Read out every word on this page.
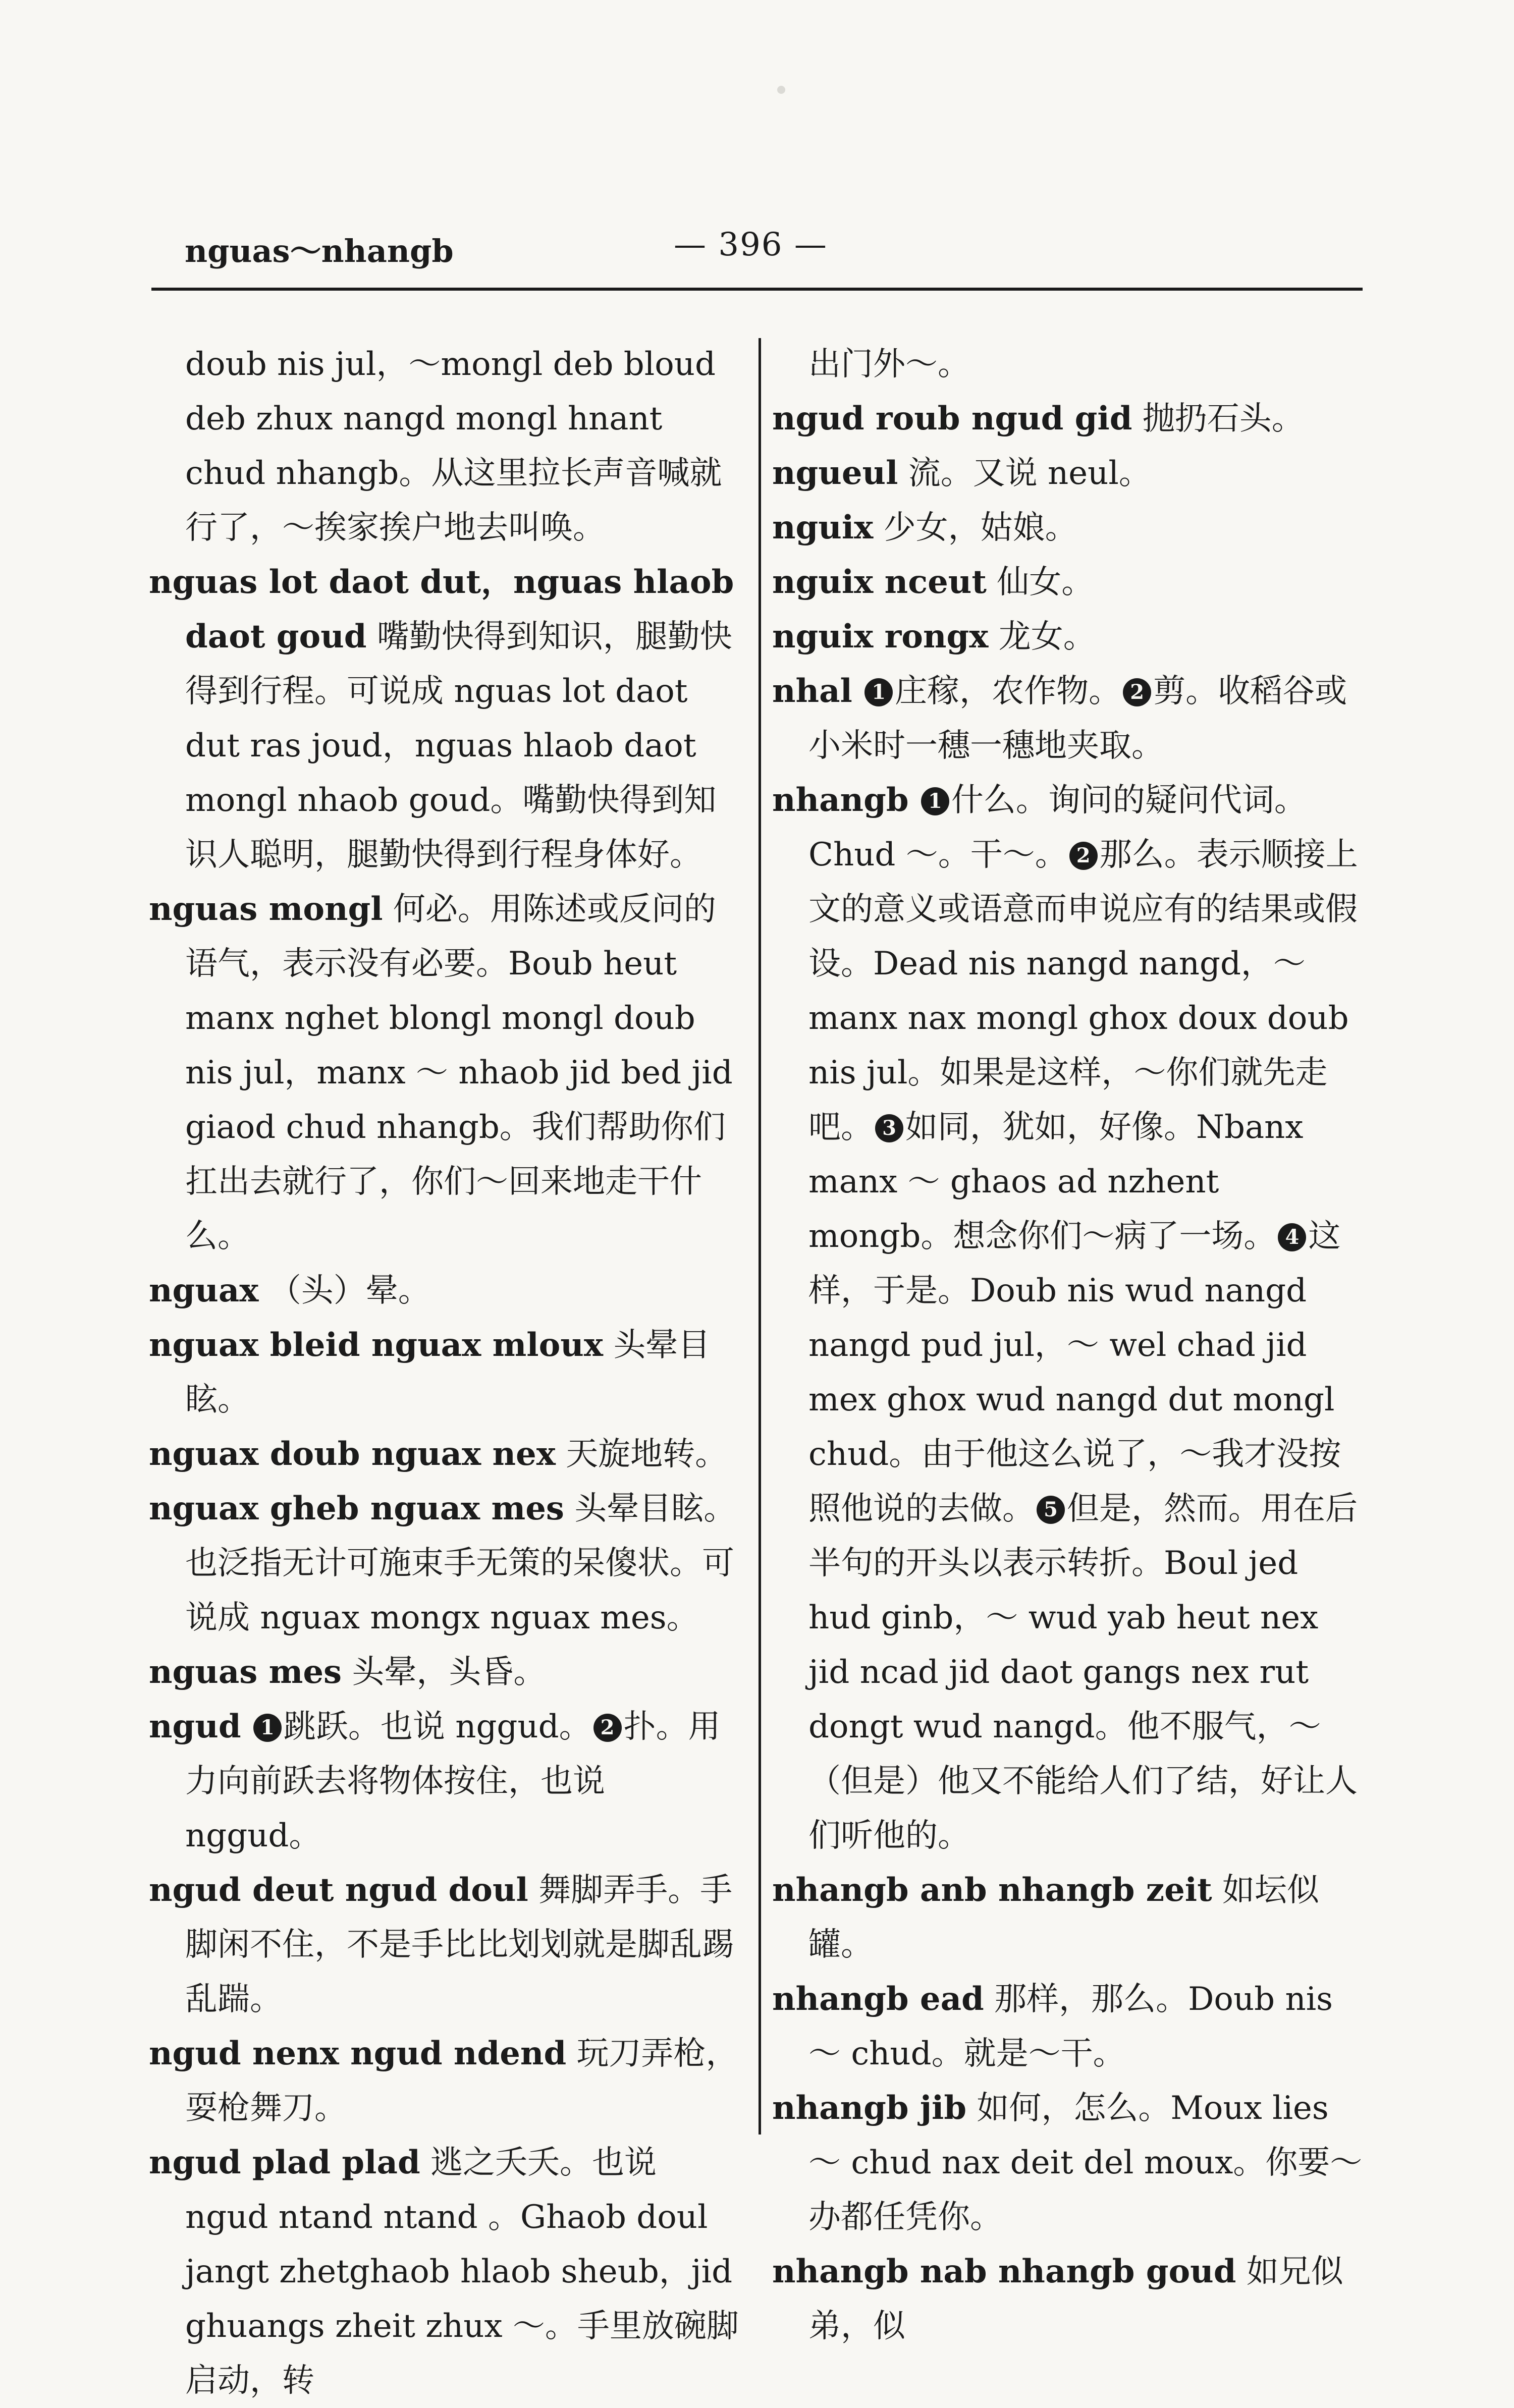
nguas～nhangb	— 396 —

doub nis jul，～mongl deb bloud deb zhux nangd mongl hnant chud nhangb。从这里拉长声音喊就行了，～挨家挨户地去叫唤。

nguas lot daot dut，nguas hlaob daot goud 嘴勤快得到知识，腿勤快得到行程。可说成 nguas lot daot dut ras joud，nguas hlaob daot mongl nhaob goud。嘴勤快得到知识人聪明，腿勤快得到行程身体好。

nguas mongl 何必。用陈述或反问的语气，表示没有必要。Boub heut manx nghet blongl mongl doub nis jul，manx ～ nhaob jid bed jid giaod chud nhangb。我们帮助你们扛出去就行了，你们～回来地走干什么。

nguax （头）晕。

nguax bleid nguax mloux 头晕目眩。

nguax doub nguax nex 天旋地转。

nguax gheb nguax mes 头晕目眩。也泛指无计可施束手无策的呆傻状。可说成 nguax mongx nguax mes。

nguas mes 头晕，头昏。

ngud 1 跳跃。也说 nggud。 2 扑。用力向前跃去将物体按住，也说 nggud。

ngud deut ngud doul 舞脚弄手。手脚闲不住，不是手比比划划就是脚乱踢乱踹。

ngud nenx ngud ndend 玩刀弄枪，耍枪舞刀。

ngud plad plad 逃之夭夭。也说 ngud ntand ntand 。Ghaob doul jangt zhetghaob hlaob sheub，jid ghuangs zheit zhux ～。手里放碗脚启动，转

出门外～。

ngud roub ngud gid 抛扔石头。

ngueul 流。又说 neul。

nguix 少女，姑娘。

nguix nceut 仙女。

nguix rongx 龙女。

nhal 1 庄稼，农作物。 2 剪。收稻谷或小米时一穗一穗地夹取。

nhangb 1 什么。询问的疑问代词。Chud ～。干～。 2 那么。表示顺接上文的意义或语意而申说应有的结果或假设。Dead nis nangd nangd，～manx nax mongl ghox doux doub nis jul。如果是这样，～你们就先走吧。 3 如同，犹如，好像。Nbanx manx ～ ghaos ad nzhent mongb。想念你们～病了一场。 4 这样，于是。Doub nis wud nangd nangd pud jul，～ wel chad jid mex ghox wud nangd dut mongl chud。由于他这么说了，～我才没按照他说的去做。 5 但是，然而。用在后半句的开头以表示转折。Boul jed hud ginb，～ wud yab heut nex jid ncad jid daot gangs nex rut dongt wud nangd。他不服气，～（但是）他又不能给人们了结，好让人们听他的。

nhangb anb nhangb zeit 如坛似罐。

nhangb ead 那样，那么。Doub nis ～ chud。就是～干。

nhangb jib 如何，怎么。Moux lies ～ chud nax deit del moux。你要～办都任凭你。

nhangb nab nhangb goud 如兄似弟，似
